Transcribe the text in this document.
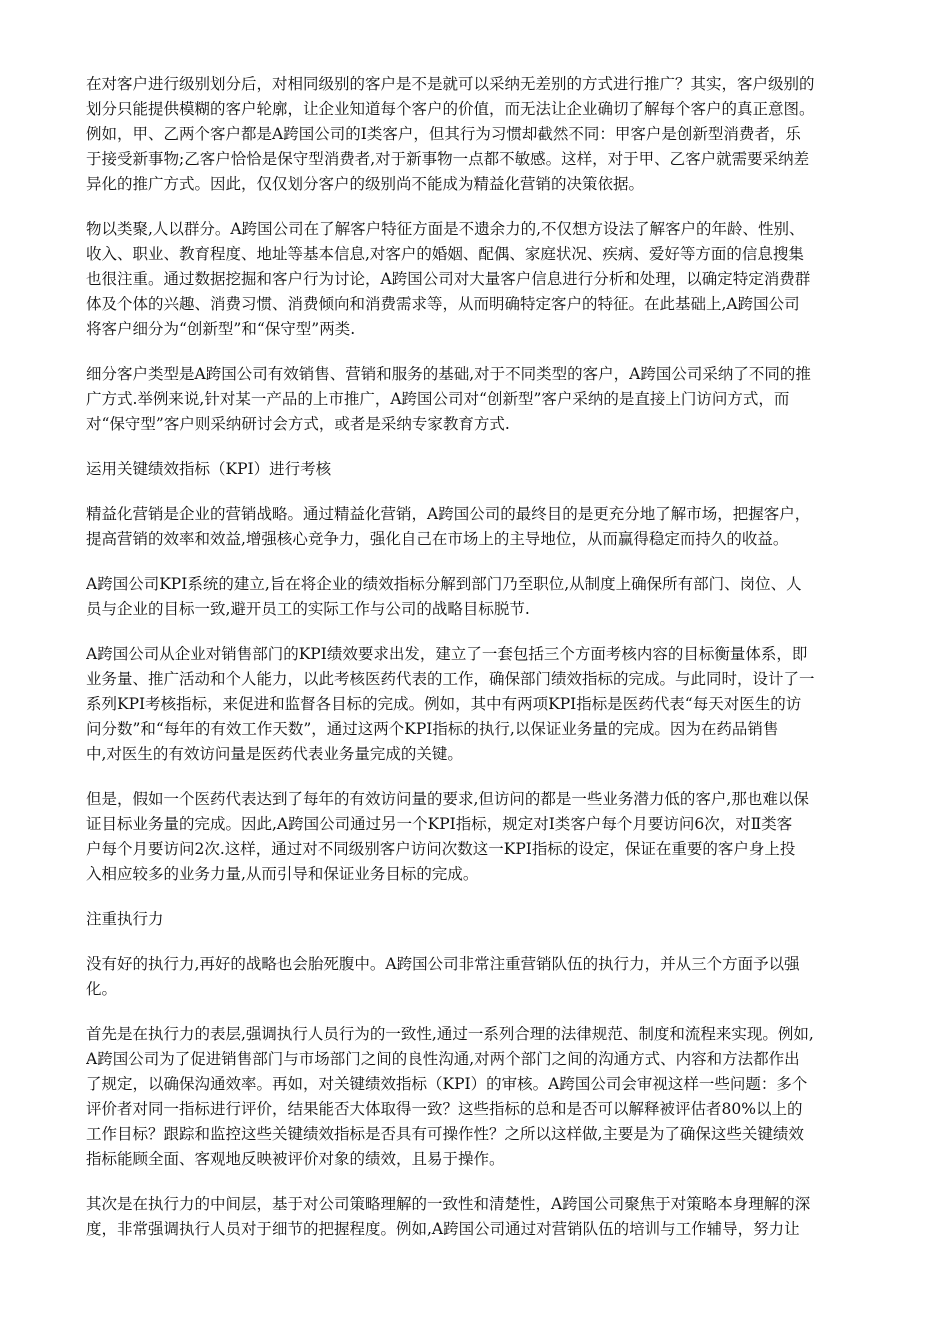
在对客户进行级别划分后，对相同级别的客户是不是就可以采纳无差别的方式进行推广？其实，客户级别的
划分只能提供模糊的客户轮廓，让企业知道每个客户的价值，而无法让企业确切了解每个客户的真正意图。
例如，甲、乙两个客户都是A跨国公司的Ⅰ类客户，但其行为习惯却截然不同：甲客户是创新型消费者，乐
于接受新事物;乙客户恰恰是保守型消费者,对于新事物一点都不敏感。这样，对于甲、乙客户就需要采纳差
异化的推广方式。因此，仅仅划分客户的级别尚不能成为精益化营销的决策依据。
物以类聚,人以群分。A跨国公司在了解客户特征方面是不遗余力的,不仅想方设法了解客户的年龄、性别、
收入、职业、教育程度、地址等基本信息,对客户的婚姻、配偶、家庭状况、疾病、爱好等方面的信息搜集
也很注重。通过数据挖掘和客户行为讨论，A跨国公司对大量客户信息进行分析和处理，以确定特定消费群
体及个体的兴趣、消费习惯、消费倾向和消费需求等，从而明确特定客户的特征。在此基础上,A跨国公司
将客户细分为“创新型”和“保守型”两类.
细分客户类型是A跨国公司有效销售、营销和服务的基础,对于不同类型的客户，A跨国公司采纳了不同的推
广方式.举例来说,针对某一产品的上市推广，A跨国公司对“创新型”客户采纳的是直接上门访问方式，而
对“保守型”客户则采纳研讨会方式，或者是采纳专家教育方式.
运用关键绩效指标（KPI）进行考核
精益化营销是企业的营销战略。通过精益化营销，A跨国公司的最终目的是更充分地了解市场，把握客户，
提高营销的效率和效益,增强核心竞争力，强化自己在市场上的主导地位，从而赢得稳定而持久的收益。
A跨国公司KPI系统的建立,旨在将企业的绩效指标分解到部门乃至职位,从制度上确保所有部门、岗位、人
员与企业的目标一致,避开员工的实际工作与公司的战略目标脱节.
A跨国公司从企业对销售部门的KPI绩效要求出发，建立了一套包括三个方面考核内容的目标衡量体系，即
业务量、推广活动和个人能力，以此考核医药代表的工作，确保部门绩效指标的完成。与此同时，设计了一
系列KPI考核指标，来促进和监督各目标的完成。例如，其中有两项KPI指标是医药代表“每天对医生的访
问分数”和“每年的有效工作天数”，通过这两个KPI指标的执行,以保证业务量的完成。因为在药品销售
中,对医生的有效访问量是医药代表业务量完成的关键。
但是，假如一个医药代表达到了每年的有效访问量的要求,但访问的都是一些业务潜力低的客户,那也难以保
证目标业务量的完成。因此,A跨国公司通过另一个KPI指标，规定对Ⅰ类客户每个月要访问6次，对Ⅱ类客
户每个月要访问2次.这样，通过对不同级别客户访问次数这一KPI指标的设定，保证在重要的客户身上投
入相应较多的业务力量,从而引导和保证业务目标的完成。
注重执行力
没有好的执行力,再好的战略也会胎死腹中。A跨国公司非常注重营销队伍的执行力，并从三个方面予以强
化。
首先是在执行力的表层,强调执行人员行为的一致性,通过一系列合理的法律规范、制度和流程来实现。例如,
A跨国公司为了促进销售部门与市场部门之间的良性沟通,对两个部门之间的沟通方式、内容和方法都作出
了规定，以确保沟通效率。再如，对关键绩效指标（KPI）的审核。A跨国公司会审视这样一些问题：多个
评价者对同一指标进行评价，结果能否大体取得一致？这些指标的总和是否可以解释被评估者80%以上的
工作目标？跟踪和监控这些关键绩效指标是否具有可操作性？之所以这样做,主要是为了确保这些关键绩效
指标能顾全面、客观地反映被评价对象的绩效，且易于操作。
其次是在执行力的中间层，基于对公司策略理解的一致性和清楚性，A跨国公司聚焦于对策略本身理解的深
度，非常强调执行人员对于细节的把握程度。例如,A跨国公司通过对营销队伍的培训与工作辅导，努力让
